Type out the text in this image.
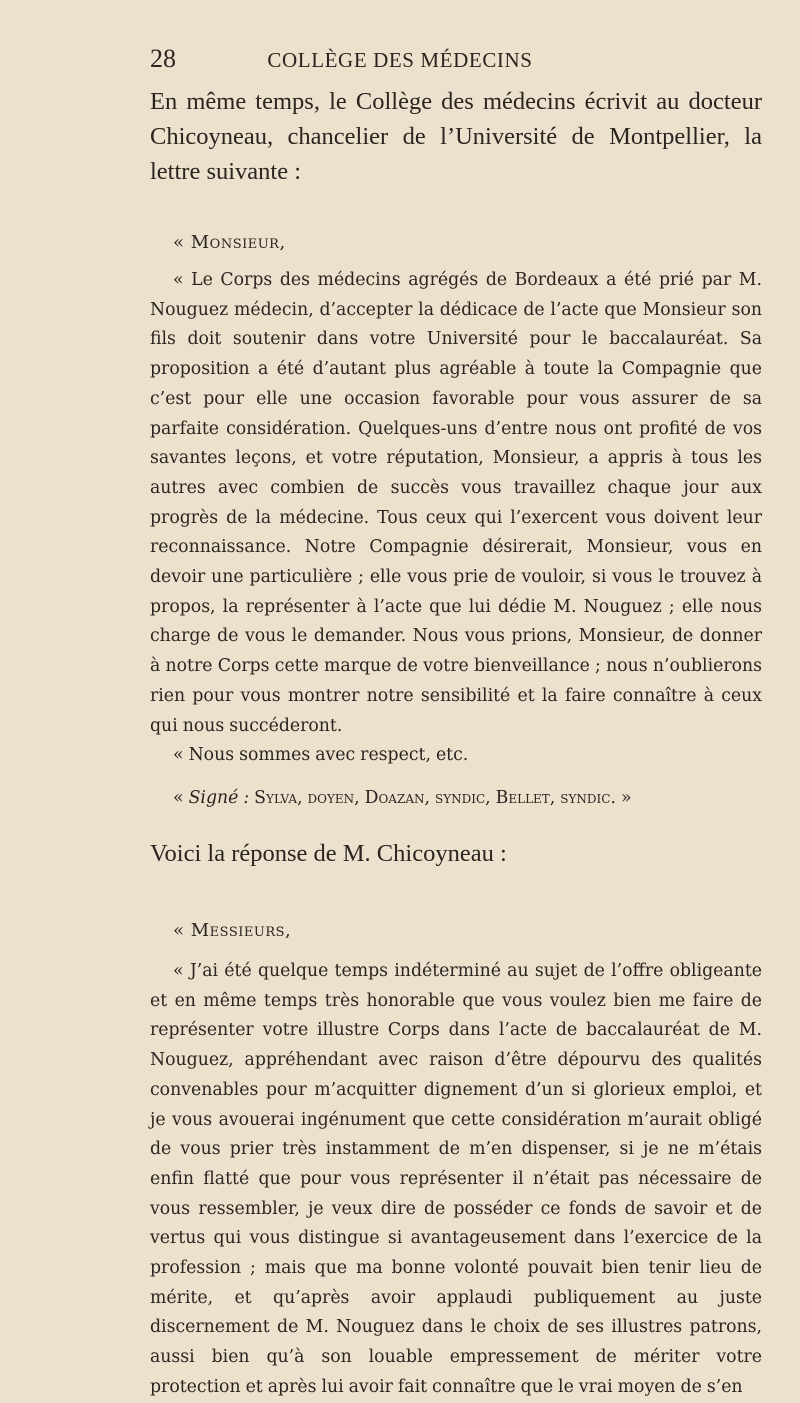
28	COLLÈGE DES MÉDECINS

En même temps, le Collège des médecins écrivit au docteur Chicoyneau, chancelier de l’Université de Montpellier, la lettre suivante :

« Monsieur,

« Le Corps des médecins agrégés de Bordeaux a été prié par M. Nouguez médecin, d’accepter la dédicace de l’acte que Monsieur son fils doit soutenir dans votre Université pour le baccalauréat. Sa proposition a été d’autant plus agréable à toute la Compagnie que c’est pour elle une occasion favorable pour vous assurer de sa parfaite considération. Quelques-uns d’entre nous ont profité de vos savantes leçons, et votre réputation, Monsieur, a appris à tous les autres avec combien de succès vous travaillez chaque jour aux progrès de la médecine. Tous ceux qui l’exercent vous doivent leur reconnaissance. Notre Compagnie désirerait, Monsieur, vous en devoir une particulière ; elle vous prie de vouloir, si vous le trouvez à propos, la représenter à l’acte que lui dédie M. Nouguez ; elle nous charge de vous le demander. Nous vous prions, Monsieur, de donner à notre Corps cette marque de votre bienveillance ; nous n’oublierons rien pour vous montrer notre sensibilité et la faire connaître à ceux qui nous succéderont.

« Nous sommes avec respect, etc.

« Signé : Sylva, doyen, Doazan, syndic, Bellet, syndic. »

Voici la réponse de M. Chicoyneau :

« Messieurs,

« J’ai été quelque temps indéterminé au sujet de l’offre obligeante et en même temps très honorable que vous voulez bien me faire de représenter votre illustre Corps dans l’acte de baccalauréat de M. Nouguez, appréhendant avec raison d’être dépourvu des qualités convenables pour m’acquitter dignement d’un si glorieux emploi, et je vous avouerai ingénument que cette considération m’aurait obligé de vous prier très instamment de m’en dispenser, si je ne m’étais enfin flatté que pour vous représenter il n’était pas nécessaire de vous ressembler, je veux dire de posséder ce fonds de savoir et de vertus qui vous distingue si avantageusement dans l’exercice de la profession ; mais que ma bonne volonté pouvait bien tenir lieu de mérite, et qu’après avoir applaudi publiquement au juste discernement de M. Nouguez dans le choix de ses illustres patrons, aussi bien qu’à son louable empressement de mériter votre protection et après lui avoir fait connaître que le vrai moyen de s’en
